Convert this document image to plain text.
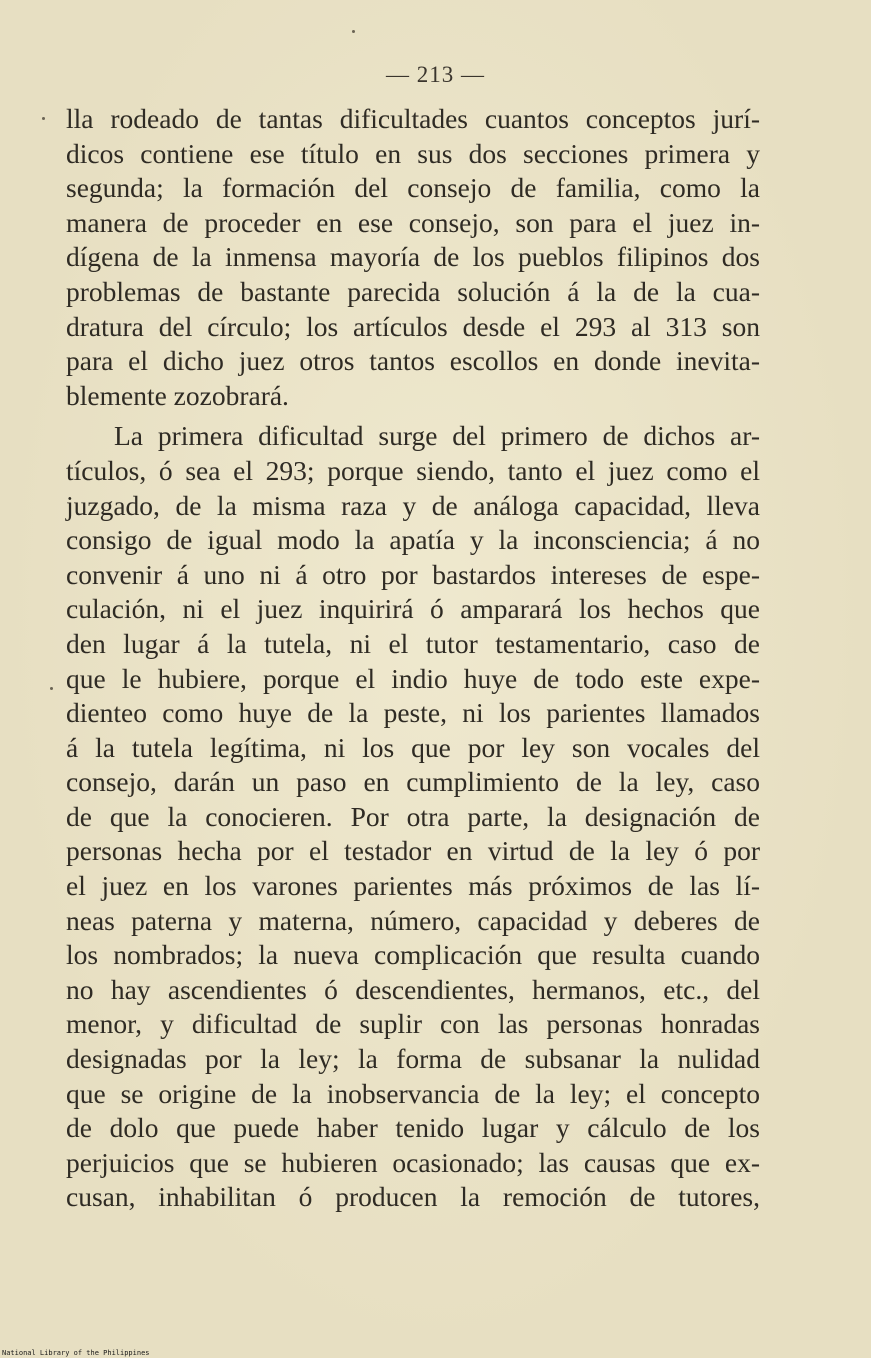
— 213 —
lla rodeado de tantas dificultades cuantos conceptos jurí-
dicos contiene ese título en sus dos secciones primera y
segunda; la formación del consejo de familia, como la
manera de proceder en ese consejo, son para el juez in-
dígena de la inmensa mayoría de los pueblos filipinos dos
problemas de bastante parecida solución á la de la cua-
dratura del círculo; los artículos desde el 293 al 313 son
para el dicho juez otros tantos escollos en donde inevita-
blemente zozobrará.
La primera dificultad surge del primero de dichos ar-
tículos, ó sea el 293; porque siendo, tanto el juez como el
juzgado, de la misma raza y de análoga capacidad, lleva
consigo de igual modo la apatía y la inconsciencia; á no
convenir á uno ni á otro por bastardos intereses de espe-
culación, ni el juez inquirirá ó amparará los hechos que
den lugar á la tutela, ni el tutor testamentario, caso de
que le hubiere, porque el indio huye de todo este expe-
dienteo como huye de la peste, ni los parientes llamados
á la tutela legítima, ni los que por ley son vocales del
consejo, darán un paso en cumplimiento de la ley, caso
de que la conocieren. Por otra parte, la designación de
personas hecha por el testador en virtud de la ley ó por
el juez en los varones parientes más próximos de las lí-
neas paterna y materna, número, capacidad y deberes de
los nombrados; la nueva complicación que resulta cuando
no hay ascendientes ó descendientes, hermanos, etc., del
menor, y dificultad de suplir con las personas honradas
designadas por la ley; la forma de subsanar la nulidad
que se origine de la inobservancia de la ley; el concepto
de dolo que puede haber tenido lugar y cálculo de los
perjuicios que se hubieren ocasionado; las causas que ex-
cusan, inhabilitan ó producen la remoción de tutores,
National Library of the Philippines
